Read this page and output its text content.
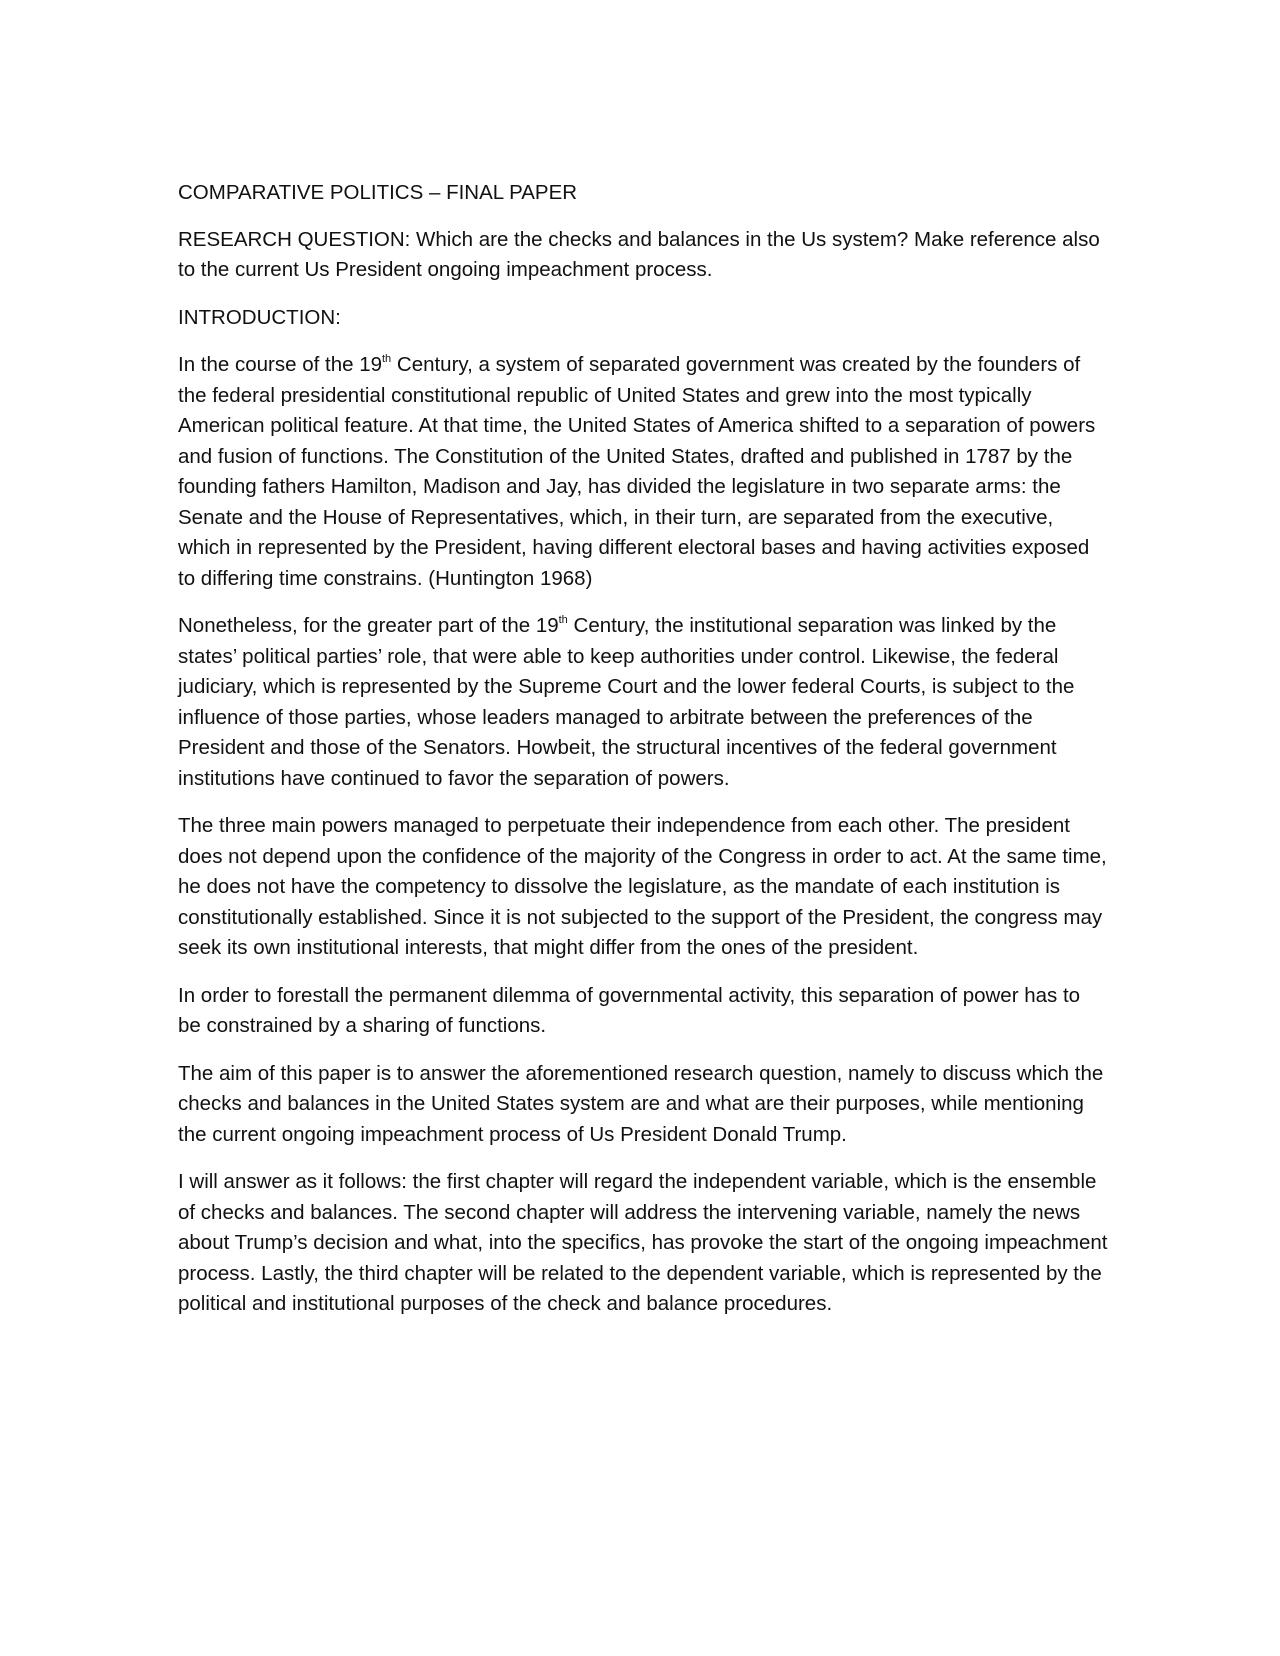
COMPARATIVE POLITICS – FINAL PAPER

RESEARCH QUESTION: Which are the checks and balances in the Us system? Make reference also to the current Us President ongoing impeachment process.

INTRODUCTION:

In the course of the 19th Century, a system of separated government was created by the founders of the federal presidential constitutional republic of United States and grew into the most typically American political feature. At that time, the United States of America shifted to a separation of powers and fusion of functions. The Constitution of the United States, drafted and published in 1787 by the founding fathers Hamilton, Madison and Jay, has divided the legislature in two separate arms: the Senate and the House of Representatives, which, in their turn, are separated from the executive, which in represented by the President, having different electoral bases and having activities exposed to differing time constrains. (Huntington 1968)

Nonetheless, for the greater part of the 19th Century, the institutional separation was linked by the states’ political parties’ role, that were able to keep authorities under control. Likewise, the federal judiciary, which is represented by the Supreme Court and the lower federal Courts, is subject to the influence of those parties, whose leaders managed to arbitrate between the preferences of the President and those of the Senators. Howbeit, the structural incentives of the federal government institutions have continued to favor the separation of powers.

The three main powers managed to perpetuate their independence from each other. The president does not depend upon the confidence of the majority of the Congress in order to act. At the same time, he does not have the competency to dissolve the legislature, as the mandate of each institution is constitutionally established. Since it is not subjected to the support of the President, the congress may seek its own institutional interests, that might differ from the ones of the president.

In order to forestall the permanent dilemma of governmental activity, this separation of power has to be constrained by a sharing of functions.

The aim of this paper is to answer the aforementioned research question, namely to discuss which the checks and balances in the United States system are and what are their purposes, while mentioning the current ongoing impeachment process of Us President Donald Trump.

I will answer as it follows: the first chapter will regard the independent variable, which is the ensemble of checks and balances. The second chapter will address the intervening variable, namely the news about Trump’s decision and what, into the specifics, has provoke the start of the ongoing impeachment process. Lastly, the third chapter will be related to the dependent variable, which is represented by the political and institutional purposes of the check and balance procedures.
